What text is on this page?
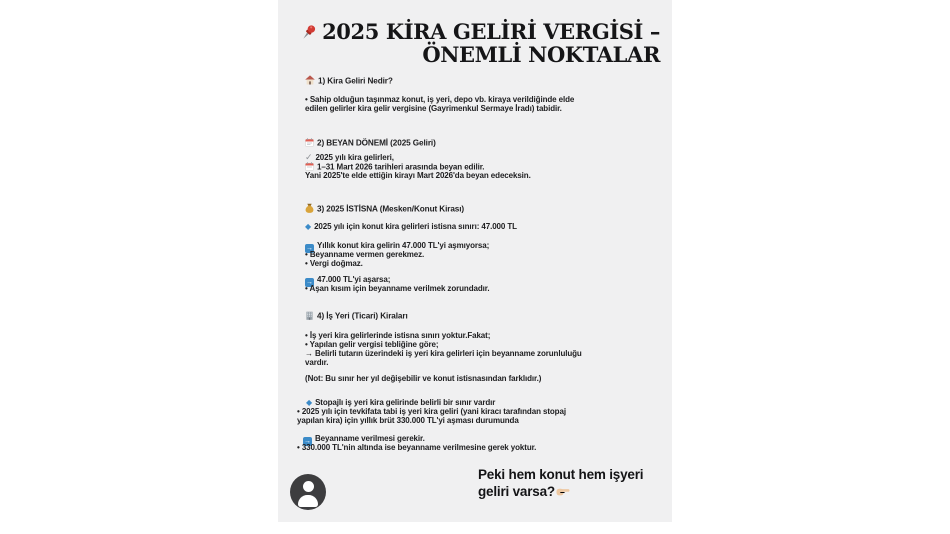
2025 KİRA GELİRİ VERGİSİ –
ÖNEMLİ NOKTALAR
1) Kira Geliri Nedir?
• Sahip olduğun taşınmaz konut, iş yeri, depo vb. kiraya verildiğinde elde edilen gelirler kira gelir vergisine (Gayrimenkul Sermaye İradı) tabidir.
2) BEYAN DÖNEMİ (2025 Geliri)
✓ 2025 yılı kira gelirleri,
1–31 Mart 2026 tarihleri arasında beyan edilir.
Yani 2025'te elde ettiğin kirayı Mart 2026'da beyan edeceksin.
3) 2025 İSTİSNA (Mesken/Konut Kirası)
◆ 2025 yılı için konut kira gelirleri istisna sınırı: 47.000 TL
→ Yıllık konut kira gelirin 47.000 TL'yi aşmıyorsa;
• Beyanname vermen gerekmez.
• Vergi doğmaz.
→ 47.000 TL'yi aşarsa;
• Aşan kısım için beyanname verilmek zorundadır.
4) İş Yeri (Ticari) Kiraları
• İş yeri kira gelirlerinde istisna sınırı yoktur.Fakat;
• Yapılan gelir vergisi tebliğine göre;
→ Belirli tutarın üzerindeki iş yeri kira gelirleri için beyanname zorunluluğu vardır.
(Not: Bu sınır her yıl değişebilir ve konut istisnasından farklıdır.)
◆ Stopajlı iş yeri kira gelirinde belirli bir sınır vardır
• 2025 yılı için tevkifata tabi iş yeri kira geliri (yani kiracı tarafından stopaj yapılan kira) için yıllık brüt 330.000 TL'yi aşması durumunda
→ Beyanname verilmesi gerekir.
• 330.000 TL'nin altında ise beyanname verilmesine gerek yoktur.
Peki hem konut hem işyeri geliri varsa?
